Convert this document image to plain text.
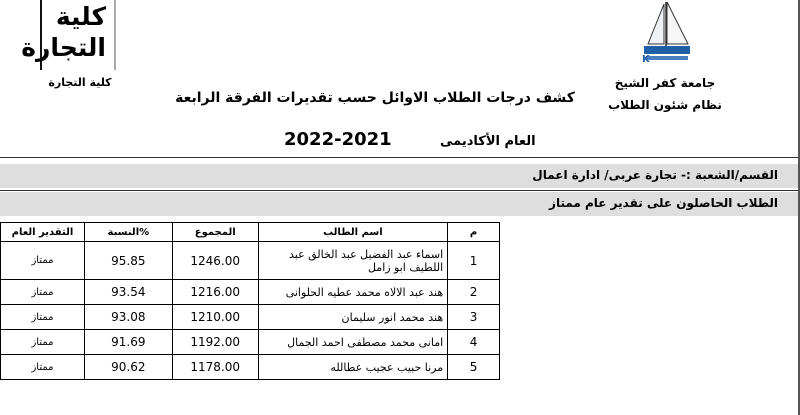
كلية
التجارة
كلية التجارة
K
جامعة كفر الشيخ
نظام شئون الطلاب
كشف درجات الطلاب الاوائل حسب تقديرات الفرقة الرابعة
العام الأكاديمى
2022-2021
القسم/الشعبة :- تجارة عربى/ ادارة اعمال
الطلاب الحاصلون على تقدير عام ممتاز
م	اسم الطالب	المجموع	%النسبة	التقدير العام
1	اسماء عبد الفضيل عبد الخالق عبد اللطيف ابو زامل	1246.00	95.85	ممتاز
2	هند عبد الالاه محمد عطيه الحلوانى	1216.00	93.54	ممتاز
3	هند محمد انور سليمان	1210.00	93.08	ممتاز
4	امانى محمد مصطفى احمد الجمال	1192.00	91.69	ممتاز
5	مرنا حبيب عجيب عطالله	1178.00	90.62	ممتاز
